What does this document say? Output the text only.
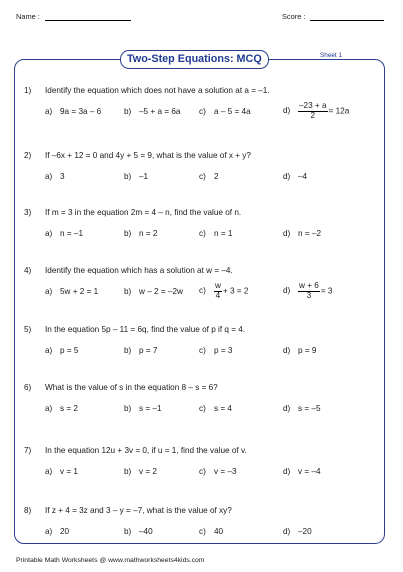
Name :	Score :
Two-Step Equations: MCQ	Sheet 1
1) Identify the equation which does not have a solution at a = –1.
a) 9a = 3a – 6	b) –5 + a = 6a c) a – 5 = 4a	$d) \frac{-23 + a}{2} = 12a$
2) If –6x + 12 = 0 and 4y + 5 = 9, what is the value of x + y?
a) 3	b) –1	c) 2	d) –4
3) If m = 3 in the equation 2m = 4 – n, find the value of n.
a) n = –1	b) n = 2	c) n = 1	d) n = –2
4) Identify the equation which has a solution at w = –4.
a) 5w + 2 = 1	b) w – 2 = –2w $c) \frac{w}{4} + 3 = 2$	$d) \frac{w + 6}{3} = 3$
5) In the equation 5p – 11 = 6q, find the value of p if q = 4.
a) p = 5	b) p = 7	c) p = 3	d) p = 9
6) What is the value of s in the equation 8 – s = 6?
a) s = 2	b) s = –1	c) s = 4	d) s = –5
7) In the equation 12u + 3v = 0, if u = 1, find the value of v.
a) v = 1	b) v = 2	c) v = –3	d) v = –4
8) If z + 4 = 3z and 3 – y = –7, what is the value of xy?
a) 20	b) –40	c) 40	d) –20
Printable Math Worksheets @ www.mathworksheets4kids.com
